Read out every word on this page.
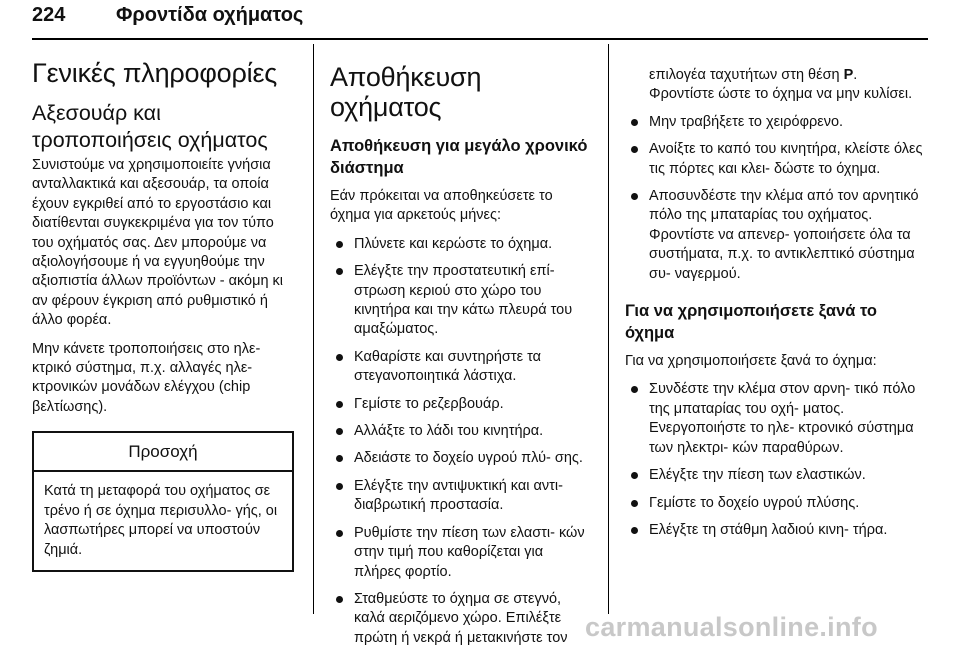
224	Φροντίδα οχήματος
Γενικές πληροφορίες
Αξεσουάρ και
τροποποιήσεις οχήματος

Συνιστούμε να χρησιμοποιείτε γνήσια ανταλλακτικά και αξεσουάρ, τα οποία έχουν εγκριθεί από το εργοστάσιο και διατίθενται συγκεκριμένα για τον τύπο του οχήματός σας. Δεν μπορούμε να αξιολογήσουμε ή να εγγυηθούμε την αξιοπιστία άλλων προϊόντων - ακόμη κι αν φέρουν έγκριση από ρυθμιστικό ή άλλο φορέα.

Μην κάνετε τροποποιήσεις στο ηλε- κτρικό σύστημα, π.χ. αλλαγές ηλε- κτρονικών μονάδων ελέγχου (chip βελτίωσης).

Προσοχή
Κατά τη μεταφορά του οχήματος σε τρένο ή σε όχημα περισυλλο- γής, οι λασπωτήρες μπορεί να υποστούν ζημιά.
Αποθήκευση οχήματος
Αποθήκευση για μεγάλο χρονικό διάστημα

Εάν πρόκειται να αποθηκεύσετε το όχημα για αρκετούς μήνες:

Πλύνετε και κερώστε το όχημα.
Ελέγξτε την προστατευτική επί- στρωση κεριού στο χώρο του κινητήρα και την κάτω πλευρά του αμαξώματος.
Καθαρίστε και συντηρήστε τα στεγανοποιητικά λάστιχα.
Γεμίστε το ρεζερβουάρ.
Αλλάξτε το λάδι του κινητήρα.
Αδειάστε το δοχείο υγρού πλύ- σης.
Ελέγξτε την αντιψυκτική και αντι- διαβρωτική προστασία.
Ρυθμίστε την πίεση των ελαστι- κών στην τιμή που καθορίζεται για πλήρες φορτίο.
Σταθμεύστε το όχημα σε στεγνό, καλά αεριζόμενο χώρο. Επιλέξτε πρώτη ή νεκρά ή μετακινήστε τον
επιλογέα ταχυτήτων στη θέση P. Φροντίστε ώστε το όχημα να μην κυλίσει.
Μην τραβήξετε το χειρόφρενο.
Ανοίξτε το καπό του κινητήρα, κλείστε όλες τις πόρτες και κλει- δώστε το όχημα.
Αποσυνδέστε την κλέμα από τον αρνητικό πόλο της μπαταρίας του οχήματος. Φροντίστε να απενερ- γοποιήσετε όλα τα συστήματα, π.χ. το αντικλεπτικό σύστημα συ- ναγερμού.
Για να χρησιμοποιήσετε ξανά το όχημα

Για να χρησιμοποιήσετε ξανά το όχημα:

Συνδέστε την κλέμα στον αρνη- τικό πόλο της μπαταρίας του οχή- ματος. Ενεργοποιήστε το ηλε- κτρονικό σύστημα των ηλεκτρι- κών παραθύρων.
Ελέγξτε την πίεση των ελαστικών.
Γεμίστε το δοχείο υγρού πλύσης.
Ελέγξτε τη στάθμη λαδιού κινη- τήρα.
carmanualsonline.info
